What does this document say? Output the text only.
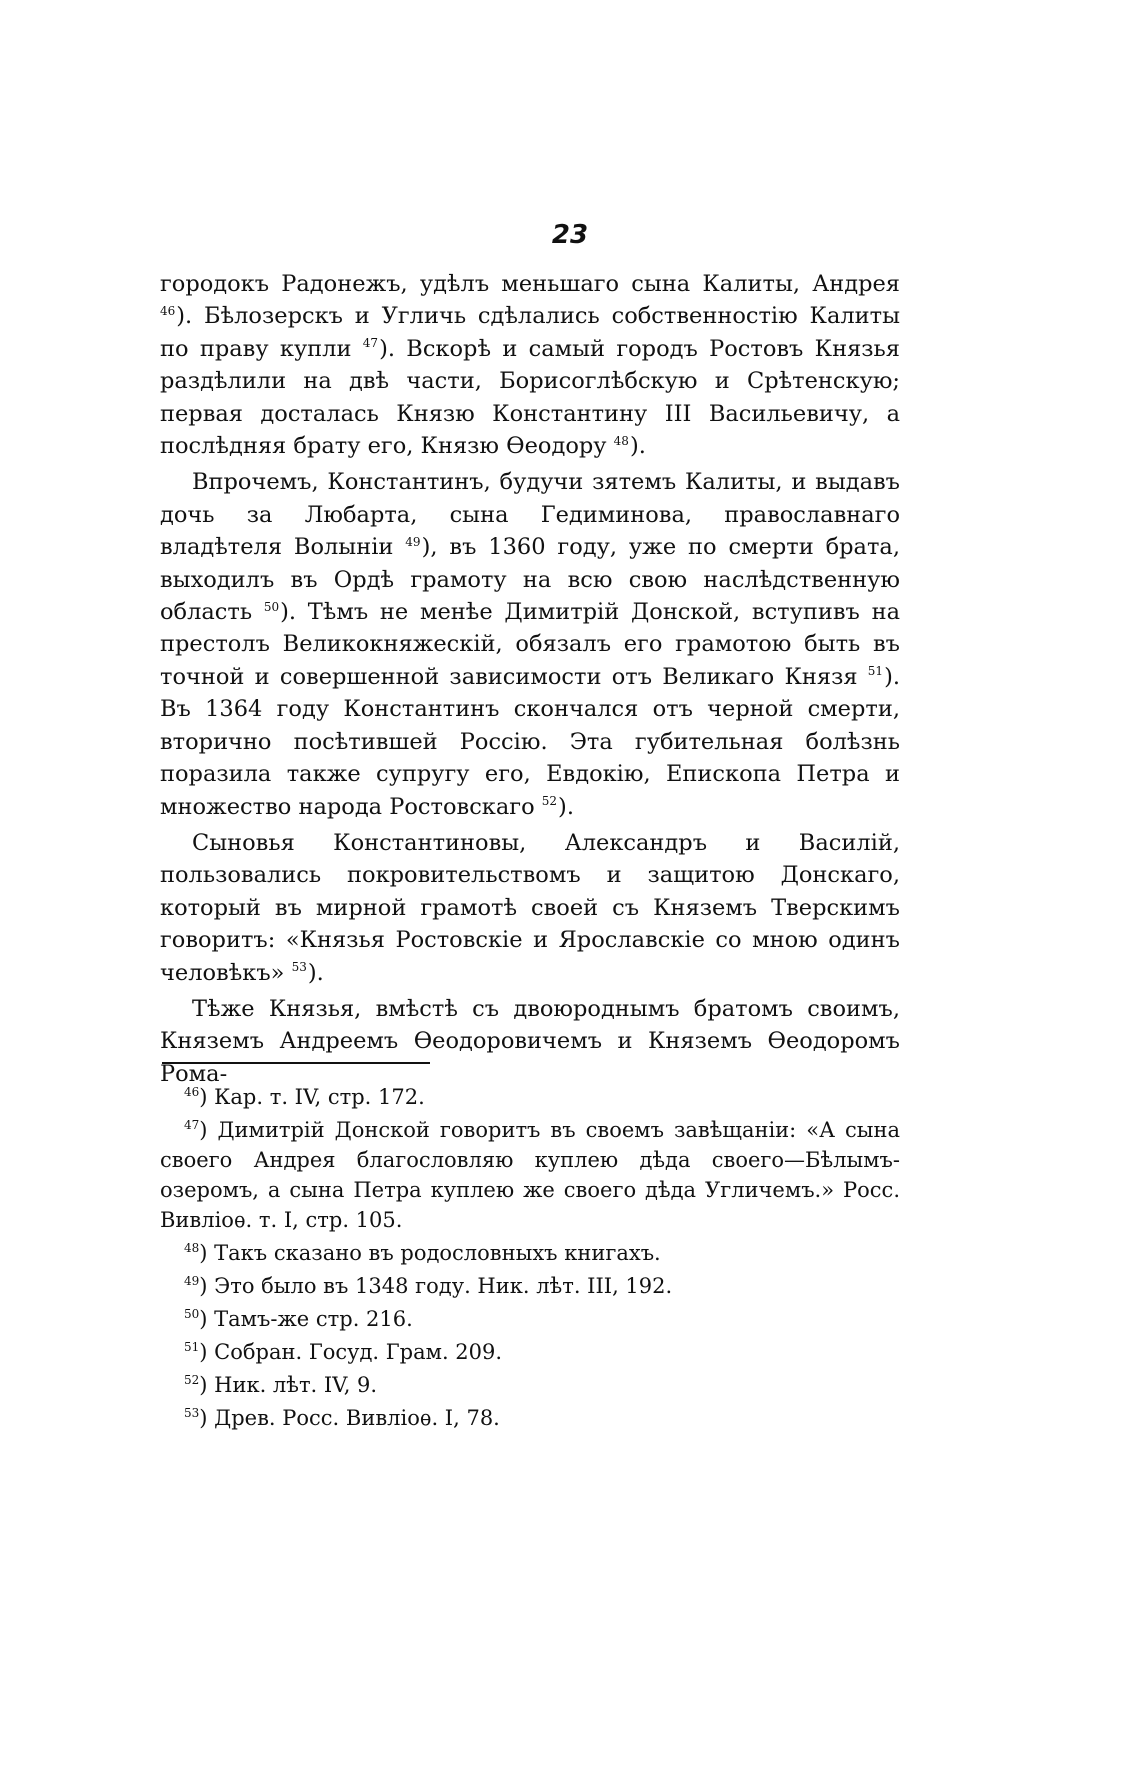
23

городокъ Радонежъ, удѣлъ меньшаго сына Калиты, Андрея $^{46}$). Бѣлозерскъ и Угличь сдѣлались собственностію Калиты по праву купли $^{47}$). Вскорѣ и самый городъ Ростовъ Князья раздѣлили на двѣ части, Борисоглѣбскую и Срѣтенскую; первая досталась Князю Константину III Васильевичу, а послѣдняя брату его, Князю Өеодору $^{48}$).

Впрочемъ, Константинъ, будучи зятемъ Калиты, и выдавъ дочь за Любарта, сына Гедиминова, православнаго владѣтеля Волыніи $^{49}$), въ 1360 году, уже по смерти брата, выходилъ въ Ордѣ грамоту на всю свою наслѣдственную область $^{50}$). Тѣмъ не менѣе Димитрій Донской, вступивъ на престолъ Великокняжескій, обязалъ его грамотою быть въ точной и совершенной зависимости отъ Великаго Князя $^{51}$). Въ 1364 году Константинъ скончался отъ черной смерти, вторично посѣтившей Россію. Эта губительная болѣзнь поразила также супругу его, Евдокію, Епископа Петра и множество народа Ростовскаго $^{52}$).

Сыновья Константиновы, Александръ и Василій, пользовались покровительствомъ и защитою Донскаго, который въ мирной грамотѣ своей съ Княземъ Тверскимъ говоритъ: «Князья Ростовскіе и Ярославскіе со мною одинъ человѣкъ» $^{53}$).

Тѣже Князья, вмѣстѣ съ двоюроднымъ братомъ своимъ, Княземъ Андреемъ Өеодоровичемъ и Княземъ Өеодоромъ Рома-

$^{46}$) Кар. т. IV, стр. 172.

$^{47}$) Димитрій Донской говоритъ въ своемъ завѣщаніи: «А сына своего Андрея благословляю куплею дѣда своего—Бѣлымъ-озеромъ, а сына Петра куплею же своего дѣда Угличемъ.» Росс. Вивліоѳ. т. I, стр. 105.

$^{48}$) Такъ сказано въ родословныхъ книгахъ.

$^{49}$) Это было въ 1348 году. Ник. лѣт. III, 192.

$^{50}$) Тамъ-же стр. 216.

$^{51}$) Собран. Госуд. Грам. 209.

$^{52}$) Ник. лѣт. IV, 9.

$^{53}$) Древ. Росс. Вивліоѳ. I, 78.
